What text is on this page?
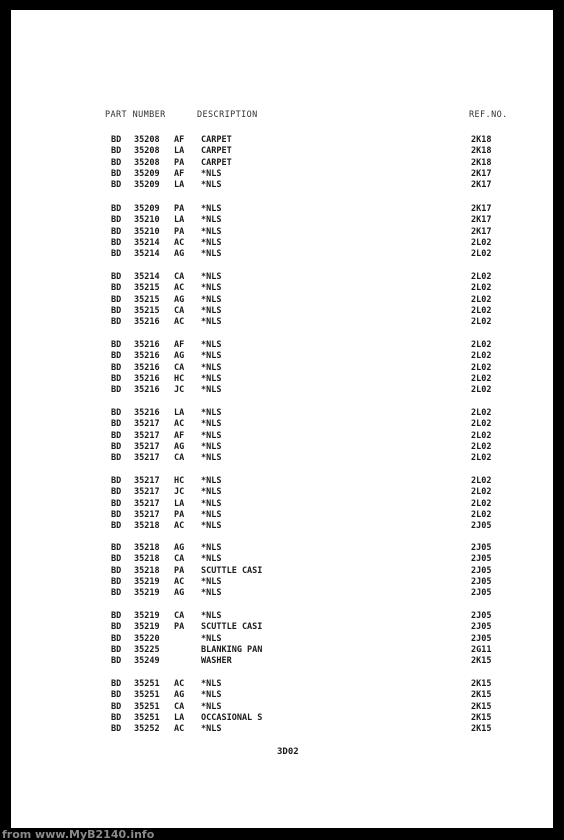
PART NUMBER	DESCRIPTION	REF.NO.
BD 35208 AF CARPET	2K18
BD 35208 LA CARPET	2K18
BD 35208 PA CARPET	2K18
BD 35209 AF *NLS	2K17
BD 35209 LA *NLS	2K17
BD 35209 PA *NLS	2K17
BD 35210 LA *NLS	2K17
BD 35210 PA *NLS	2K17
BD 35214 AC *NLS	2L02
BD 35214 AG *NLS	2L02
BD 35214 CA *NLS	2L02
BD 35215 AC *NLS	2L02
BD 35215 AG *NLS	2L02
BD 35215 CA *NLS	2L02
BD 35216 AC *NLS	2L02
BD 35216 AF *NLS	2L02
BD 35216 AG *NLS	2L02
BD 35216 CA *NLS	2L02
BD 35216 HC *NLS	2L02
BD 35216 JC *NLS	2L02
BD 35216 LA *NLS	2L02
BD 35217 AC *NLS	2L02
BD 35217 AF *NLS	2L02
BD 35217 AG *NLS	2L02
BD 35217 CA *NLS	2L02
BD 35217 HC *NLS	2L02
BD 35217 JC *NLS	2L02
BD 35217 LA *NLS	2L02
BD 35217 PA *NLS	2L02
BD 35218 AC *NLS	2J05
BD 35218 AG *NLS	2J05
BD 35218 CA *NLS	2J05
BD 35218 PA SCUTTLE CASI	2J05
BD 35219 AC *NLS	2J05
BD 35219 AG *NLS	2J05
BD 35219 CA *NLS	2J05
BD 35219 PA SCUTTLE CASI	2J05
BD 35220	*NLS	2J05
BD 35225	BLANKING PAN	2G11
BD 35249	WASHER	2K15
BD 35251 AC *NLS	2K15
BD 35251 AG *NLS	2K15
BD 35251 CA *NLS	2K15
BD 35251 LA OCCASIONAL S	2K15
BD 35252 AC *NLS	2K15
3D02
from www.MyB2140.info
